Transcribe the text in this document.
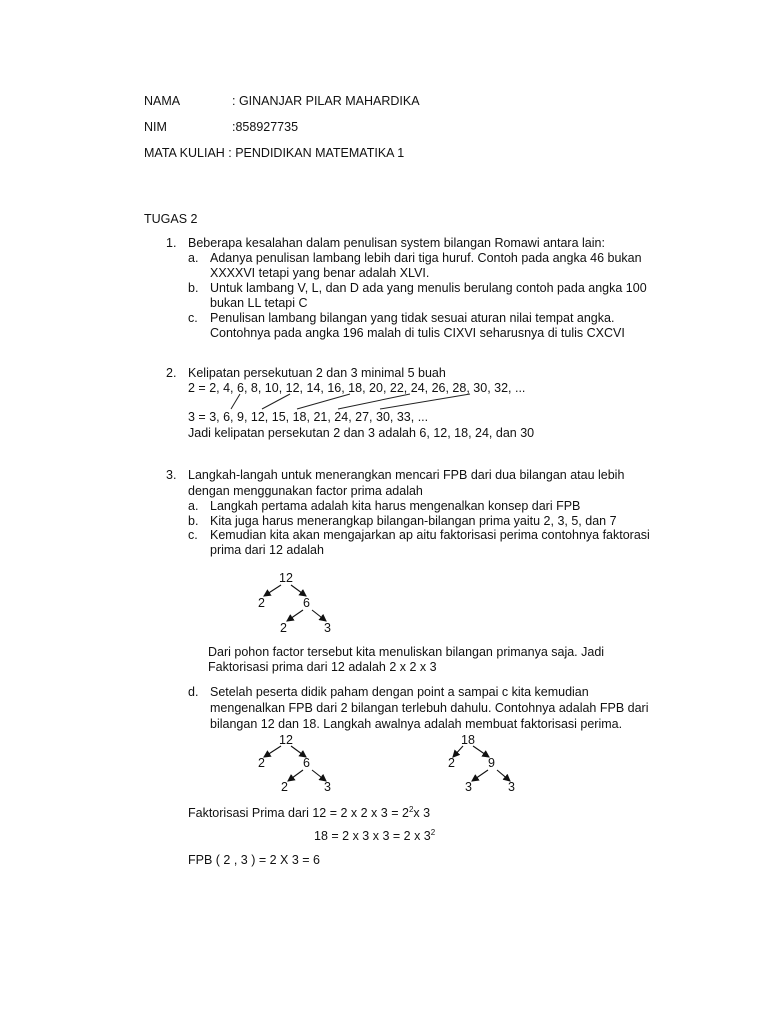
NAMA	: GINANJAR PILAR MAHARDIKA
NIM	:858927735
MATA KULIAH : PENDIDIKAN MATEMATIKA 1
TUGAS 2
1. Beberapa kesalahan dalam penulisan system bilangan Romawi antara lain:
a. Adanya penulisan lambang lebih dari tiga huruf. Contoh pada angka 46 bukan
XXXXVI tetapi yang benar adalah XLVI.
b. Untuk lambang V, L, dan D ada yang menulis berulang contoh pada angka 100
bukan LL tetapi C
c. Penulisan lambang bilangan yang tidak sesuai aturan nilai tempat angka.
Contohnya pada angka 196 malah di tulis CIXVI seharusnya di tulis CXCVI
2. Kelipatan persekutuan 2 dan 3 minimal 5 buah
2 = 2, 4, 6, 8, 10, 12, 14, 16, 18, 20, 22, 24, 26, 28, 30, 32, ...
3 = 3, 6, 9, 12, 15, 18, 21, 24, 27, 30, 33, ...
Jadi kelipatan persekutan 2 dan 3 adalah 6, 12, 18, 24, dan 30
3. Langkah-langah untuk menerangkan mencari FPB dari dua bilangan atau lebih
dengan menggunakan factor prima adalah
a. Langkah pertama adalah kita harus mengenalkan konsep dari FPB
b. Kita juga harus menerangkap bilangan-bilangan prima yaitu 2, 3, 5, dan 7
c. Kemudian kita akan mengajarkan ap aitu faktorisasi perima contohnya faktorasi
prima dari 12 adalah
12
2	6
2	3
Dari pohon factor tersebut kita menuliskan bilangan primanya saja. Jadi
Faktorisasi prima dari 12 adalah 2 x 2 x 3
d. Setelah peserta didik paham dengan point a sampai c kita kemudian
mengenalkan FPB dari 2 bilangan terlebuh dahulu. Contohnya adalah FPB dari
bilangan 12 dan 18. Langkah awalnya adalah membuat faktorisasi perima.
12
2	6
2	3
18
2	9
3	3
Faktorisasi Prima dari 12 = 2 x 2 x $3 = 2^2x$ 3
18 = 2 x 3 x 3 = 2 x $3^2$
FPB ( 2 , 3 ) = 2 X 3 = 6
